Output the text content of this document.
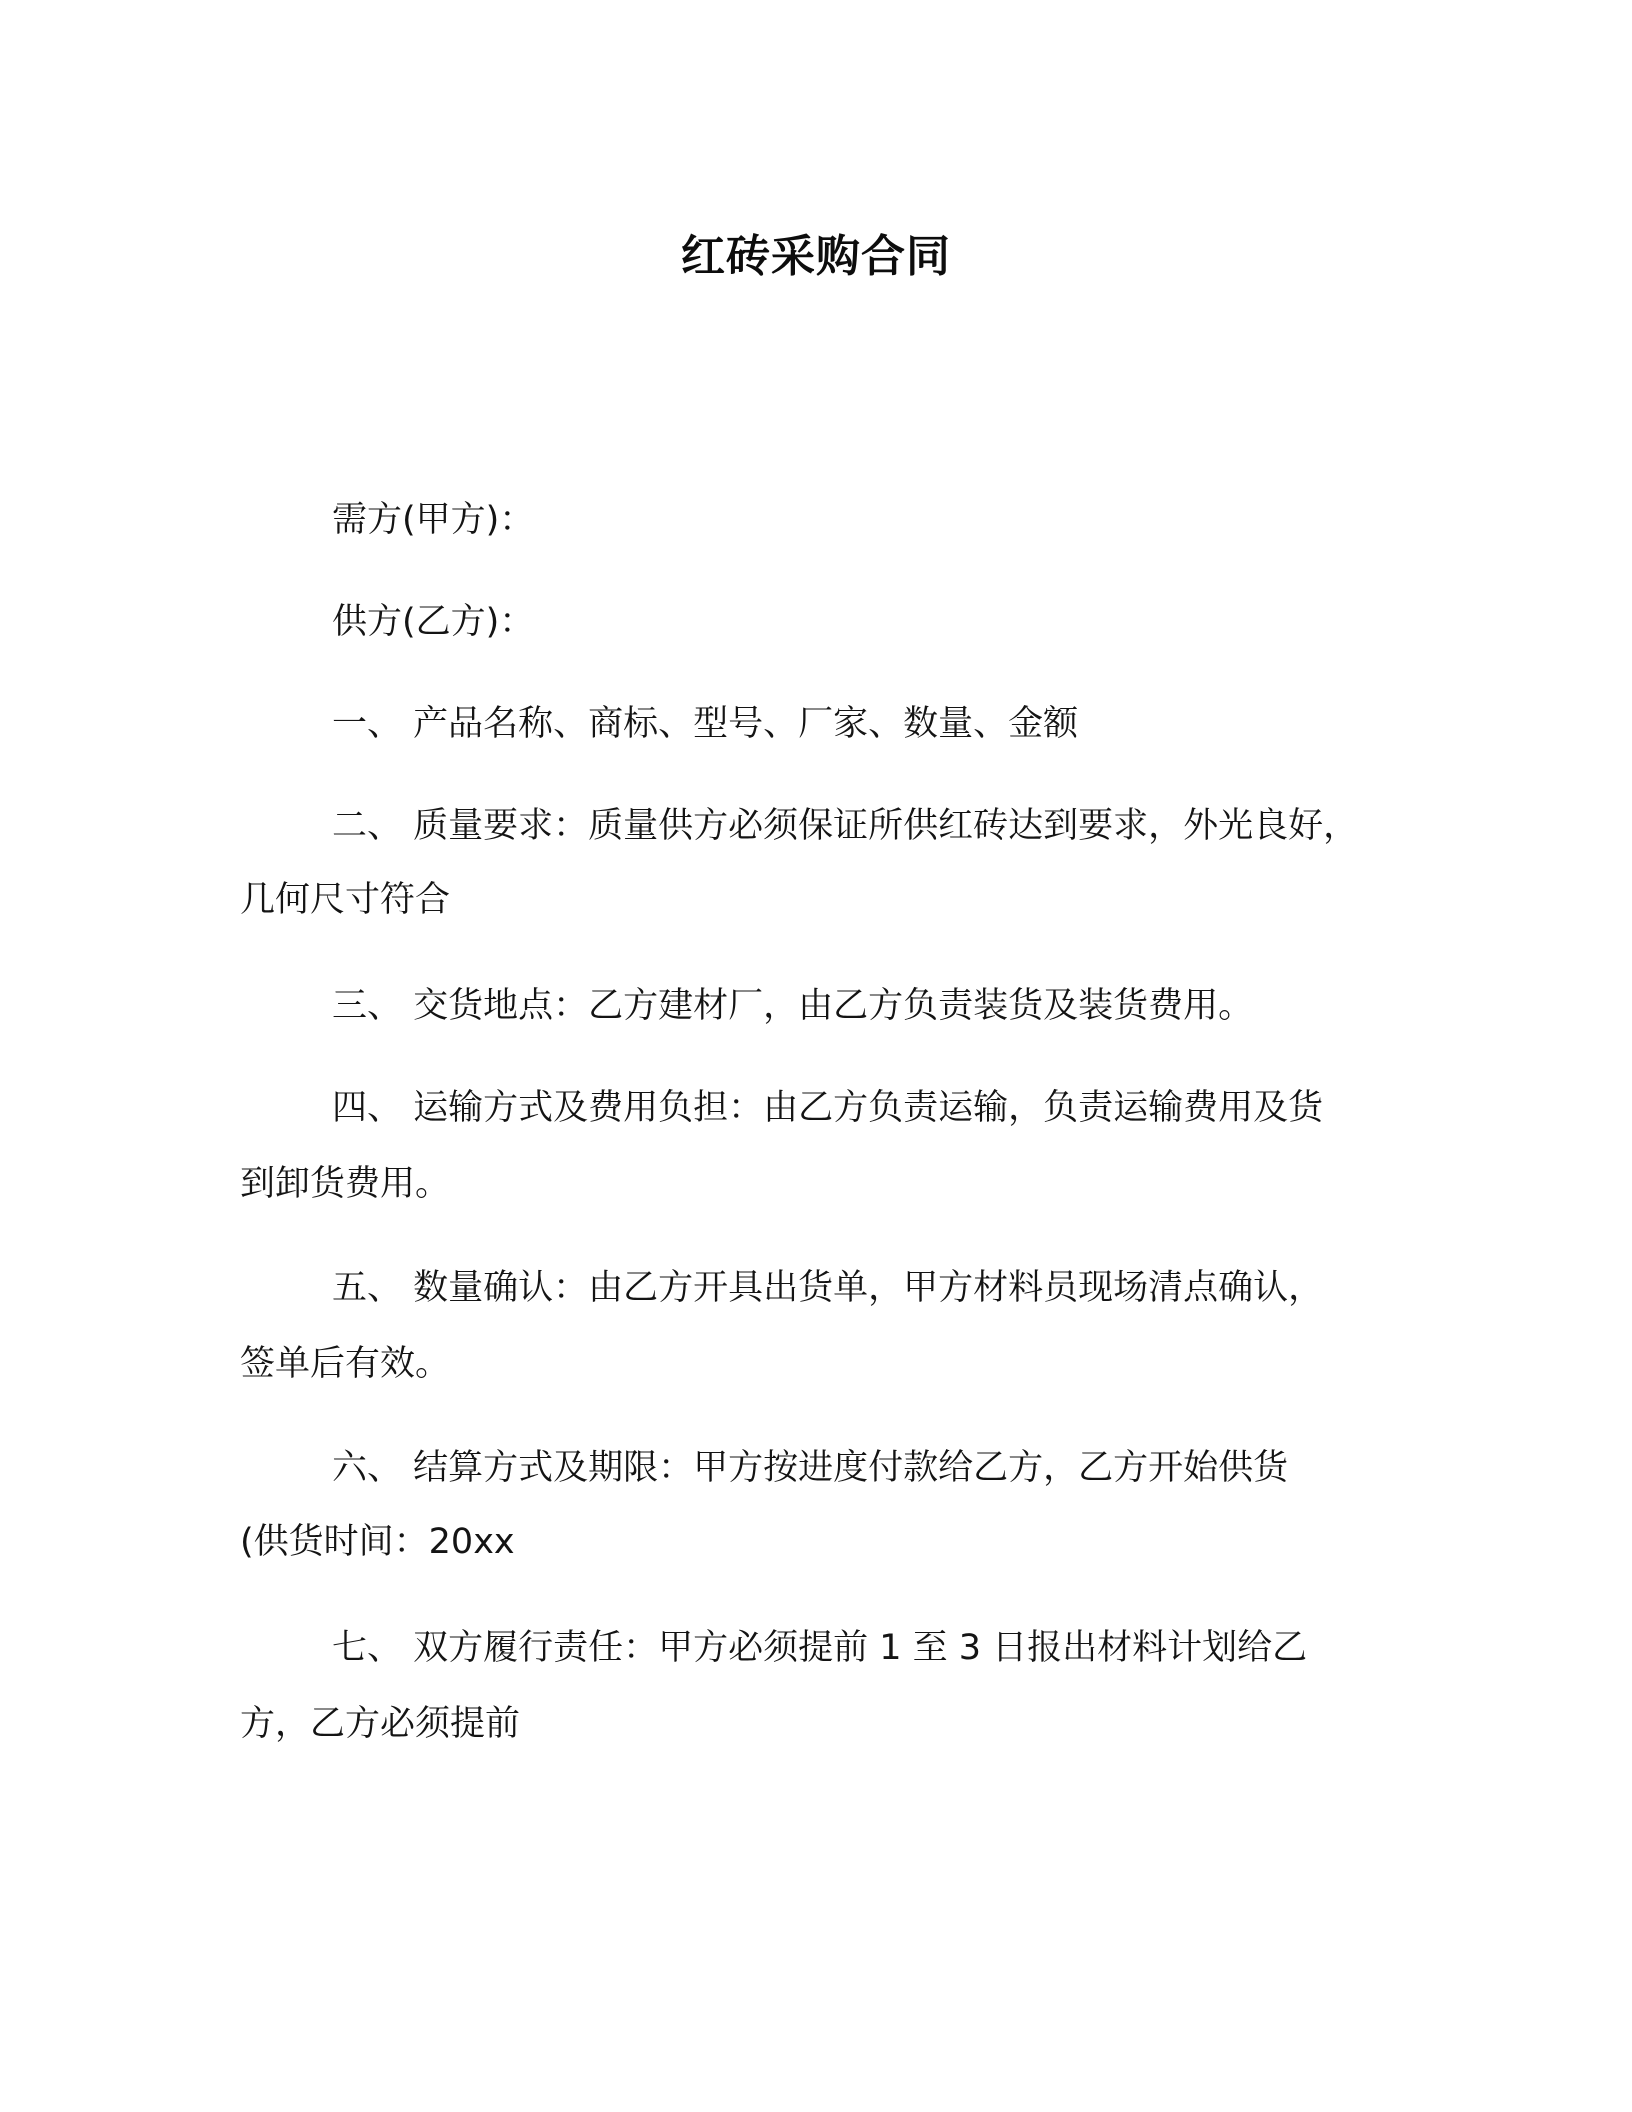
红砖采购合同
需方(甲方)：
供方(乙方)：
一、 产品名称、商标、型号、厂家、数量、金额
二、 质量要求：质量供方必须保证所供红砖达到要求，外光良好，
几何尺寸符合
三、 交货地点：乙方建材厂，由乙方负责装货及装货费用。
四、 运输方式及费用负担：由乙方负责运输，负责运输费用及货
到卸货费用。
五、 数量确认：由乙方开具出货单，甲方材料员现场清点确认，
签单后有效。
六、 结算方式及期限：甲方按进度付款给乙方，乙方开始供货
(供货时间：20xx
七、 双方履行责任：甲方必须提前 1 至 3 日报出材料计划给乙
方，乙方必须提前
